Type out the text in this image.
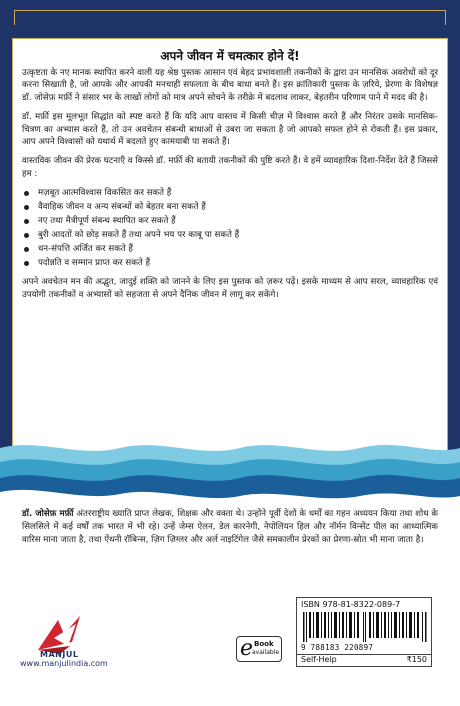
अपने जीवन में चमत्कार होने दें!

उत्कृष्टता के नए मानक स्थापित करने वाली यह श्रेष्ठ पुस्तक आसान एवं बेहद प्रभावशाली तकनीकों के द्वारा उन मानसिक अवरोधों को दूर करना सिखाती है, जो आपके और आपकी मनचाही सफलता के बीच बाधा बनते हैं। इस क्रांतिकारी पुस्तक के ज़रिये, प्रेरणा के विशेषज्ञ डॉ. जोसेफ़ मर्फ़ी ने संसार भर के लाखों लोगों को मात्र अपने सोचने के तरीक़े में बदलाव लाकर, बेहतरीन परिणाम पाने में मदद की है।

डॉ. मर्फ़ी इस मूलभूत सिद्धांत को स्पष्ट करते हैं कि यदि आप वास्तव में किसी चीज़ में विश्वास करते हैं और निरंतर उसके मानसिक-चित्रण का अभ्यास करते हैं, तो उन अवचेतन संबन्धी बाधाओं से उबरा जा सकता है जो आपको सफल होने से रोकती हैं। इस प्रकार, आप अपने विश्वासों को यथार्थ में बदलते हुए कामयाबी पा सकते हैं।

वास्तविक जीवन की प्रेरक घटनाएँ व किस्से डॉ. मर्फ़ी की बतायी तकनीकों की पुष्टि करते हैं। वे हमें व्यावहारिक दिशा-निर्देश देते हैं जिससे हम :

मज़बूत आत्मविश्वास विकसित कर सकते हैं
वैवाहिक जीवन व अन्य संबन्धों को बेहतर बना सकते हैं
नए तथा मैत्रीपूर्ण संबन्ध स्थापित कर सकते हैं
बुरी आदतों को छोड़ सकते हैं तथा अपने भय पर काबू पा सकते हैं
धन-संपत्ति अर्जित कर सकते हैं
पदोन्नति व सम्मान प्राप्त कर सकते हैं

अपने अवचेतन मन की अद्भुत, जादुई शक्ति को जानने के लिए इस पुस्तक को ज़रूर पढ़ें। इसके माध्यम से आप सरल, व्यावहारिक एवं उपयोगी तकनीकों व अभ्यासों को सहजता से अपने दैनिक जीवन में लागू कर सकेंगे।

डॉ. जोसेफ़ मर्फ़ी अंतरराष्ट्रीय ख्याति प्राप्त लेखक, शिक्षक और वक्ता थे। उन्होंने पूर्वी देशों के धर्मों का गहन अध्ययन किया तथा शोध के सिलसिले में कई वर्षों तक भारत में भी रहे। उन्हें जेम्स ऐलन, डेल कारनेगी, नेपोलियन हिल और नॉर्मन विन्सेंट पील का आध्यात्मिक वारिस माना जाता है, तथा ऐंथनी रॉबिन्स, ज़िग ज़िग्लर और अर्ल नाइटिंगेल जैसे समकालीन प्रेरकों का प्रेरणा-स्रोत भी माना जाता है।
MANJUL
www.manjulindia.com
e Book
available
ISBN 978-81-8322-089-7
9 788183 220897
Self-Help	₹150
